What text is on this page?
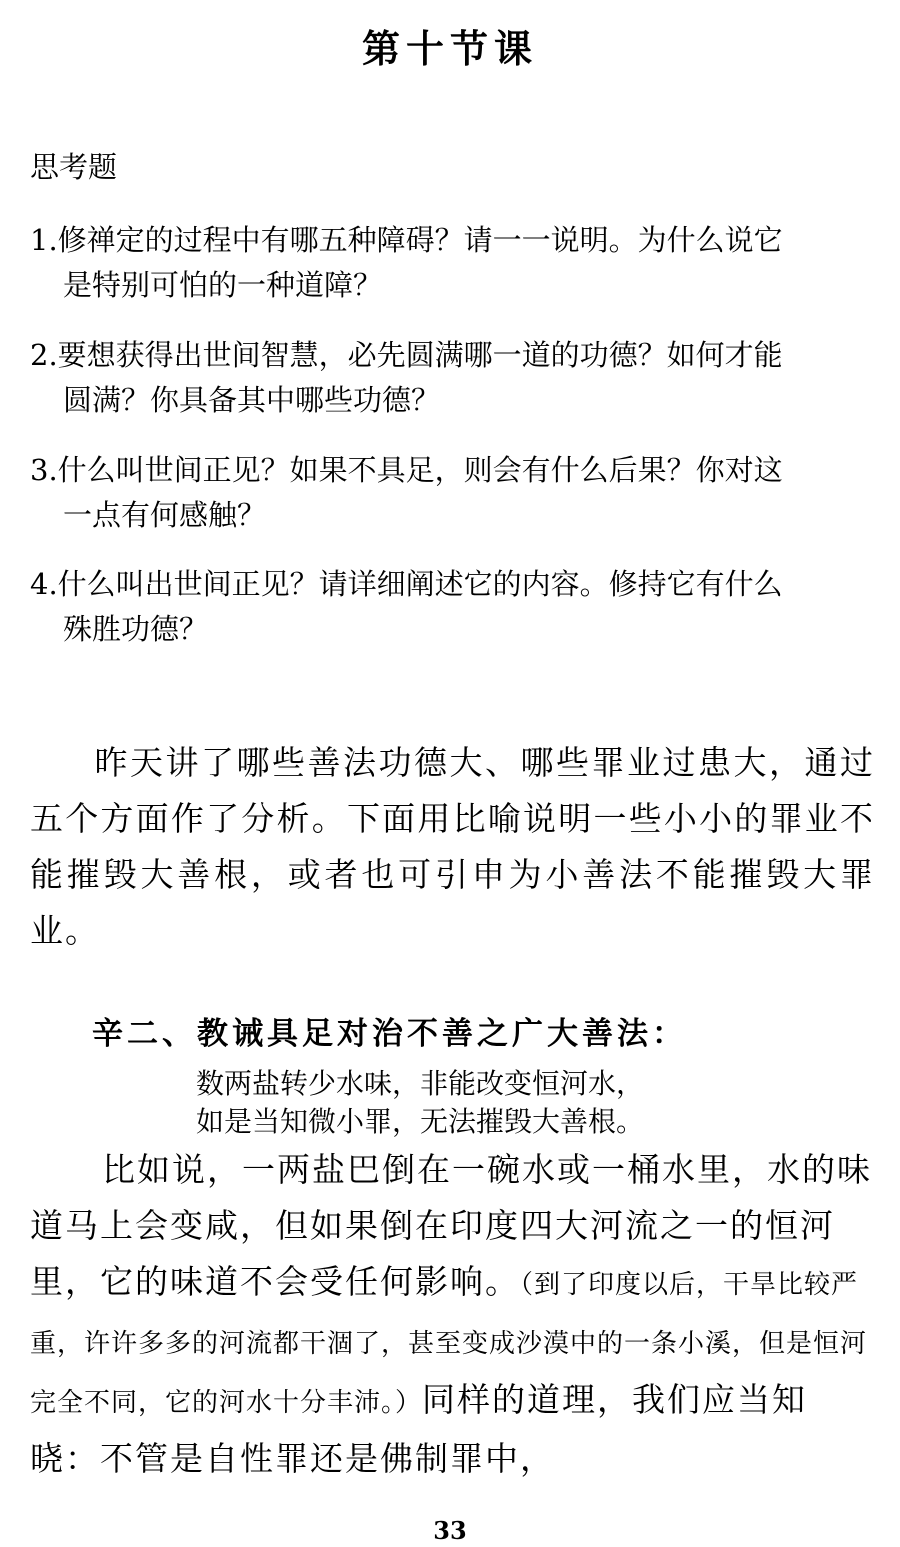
第十节课
思考题
1.修禅定的过程中有哪五种障碍？请一一说明。为什么说它
是特别可怕的一种道障？
2.要想获得出世间智慧，必先圆满哪一道的功德？如何才能
圆满？你具备其中哪些功德？
3.什么叫世间正见？如果不具足，则会有什么后果？你对这
一点有何感触？
4.什么叫出世间正见？请详细阐述它的内容。修持它有什么
殊胜功德？
昨天讲了哪些善法功德大、哪些罪业过患大，通过五个方面作了分析。下面用比喻说明一些小小的罪业不能摧毁大善根，或者也可引申为小善法不能摧毁大罪业。
辛二、教诫具足对治不善之广大善法：
数两盐转少水味，非能改变恒河水，
如是当知微小罪，无法摧毁大善根。
比如说，一两盐巴倒在一碗水或一桶水里，水的味道马上会变咸，但如果倒在印度四大河流之一的恒河里，它的味道不会受任何影响。（到了印度以后，干旱比较严重，许许多多的河流都干涸了，甚至变成沙漠中的一条小溪，但是恒河完全不同，它的河水十分丰沛。）同样的道理，我们应当知晓：不管是自性罪还是佛制罪中，
33
